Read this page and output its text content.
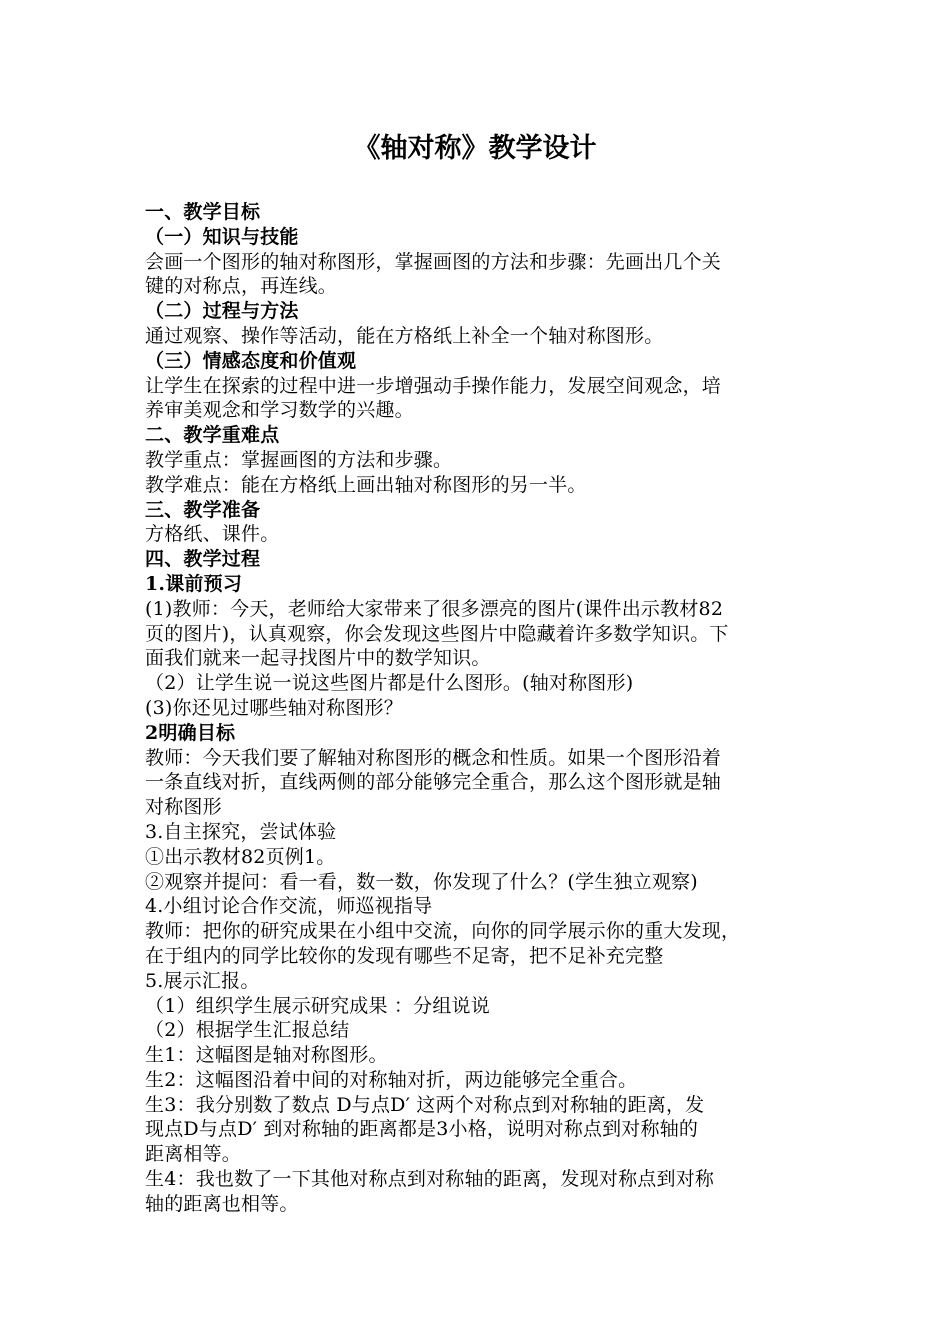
《轴对称》教学设计
一、教学目标
（一）知识与技能
会画一个图形的轴对称图形，掌握画图的方法和步骤：先画出几个关
键的对称点，再连线。
（二）过程与方法
通过观察、操作等活动，能在方格纸上补全一个轴对称图形。
（三）情感态度和价值观
让学生在探索的过程中进一步增强动手操作能力，发展空间观念，培
养审美观念和学习数学的兴趣。
二、教学重难点
教学重点：掌握画图的方法和步骤。
教学难点：能在方格纸上画出轴对称图形的另一半。
三、教学准备
方格纸、课件。
四、教学过程
1.课前预习
(1)教师：今天，老师给大家带来了很多漂亮的图片(课件出示教材82
页的图片)，认真观察，你会发现这些图片中隐藏着许多数学知识。下
面我们就来一起寻找图片中的数学知识。
（2）让学生说一说这些图片都是什么图形。(轴对称图形)
(3)你还见过哪些轴对称图形？
2明确目标
教师：今天我们要了解轴对称图形的概念和性质。如果一个图形沿着
一条直线对折，直线两侧的部分能够完全重合，那么这个图形就是轴
对称图形
3.自主探究，尝试体验
①出示教材82页例1。
②观察并提问：看一看，数一数，你发现了什么？(学生独立观察)
4.小组讨论合作交流，师巡视指导
教师：把你的研究成果在小组中交流，向你的同学展示你的重大发现，
在于组内的同学比较你的发现有哪些不足寄，把不足补充完整
5.展示汇报。
（1）组织学生展示研究成果 ：分组说说
（2）根据学生汇报总结
生1：这幅图是轴对称图形。
生2：这幅图沿着中间的对称轴对折，两边能够完全重合。
生3：我分别数了数点 D与点D′ 这两个对称点到对称轴的距离，发
现点D与点D′ 到对称轴的距离都是3小格，说明对称点到对称轴的
距离相等。
生4：我也数了一下其他对称点到对称轴的距离，发现对称点到对称
轴的距离也相等。
